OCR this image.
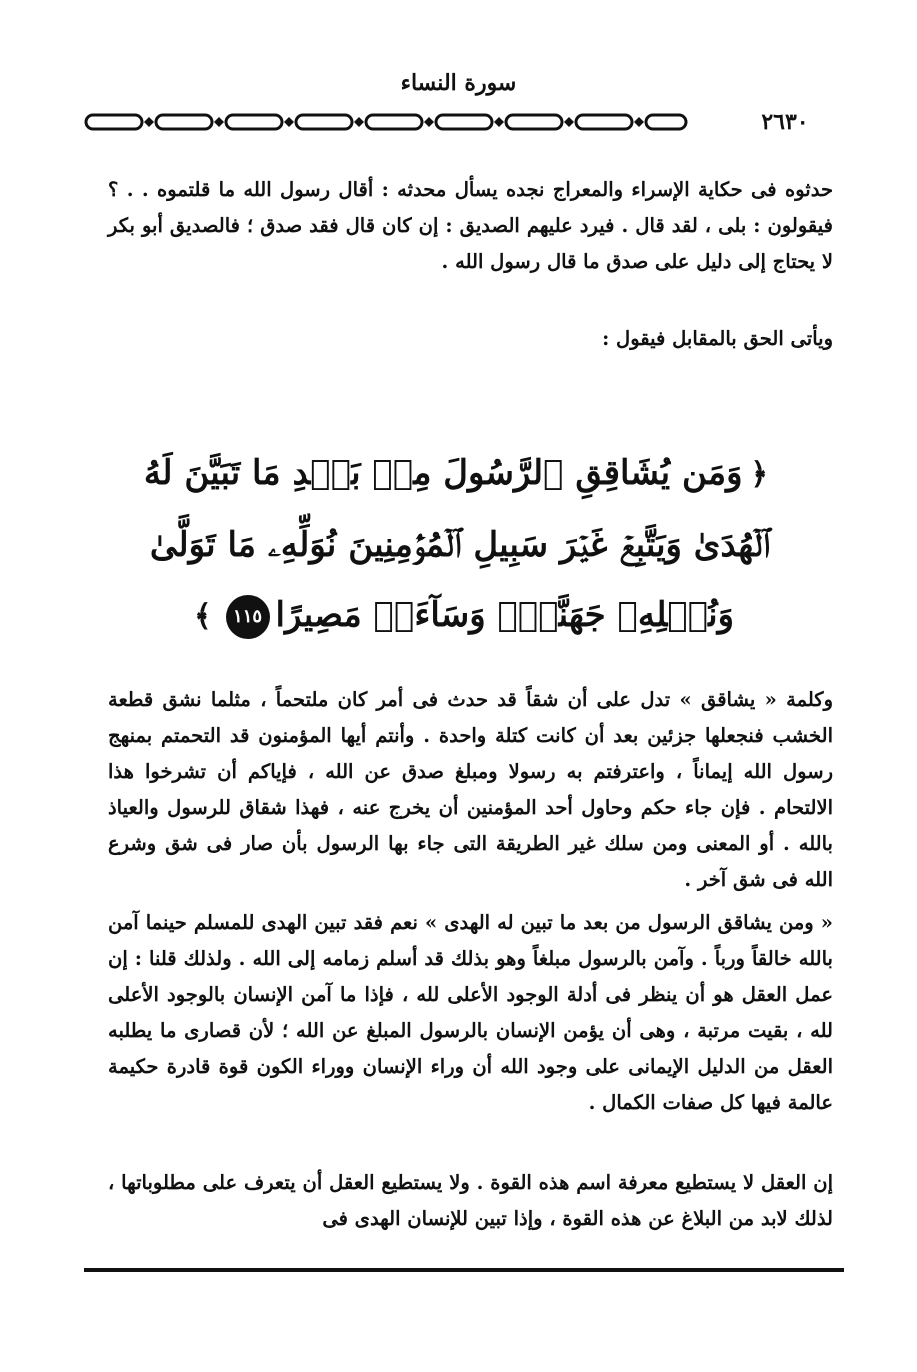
سورة النساء
٢٦٣٠
حدثوه فى حكاية الإسراء والمعراج نجده يسأل محدثه : أقال رسول الله ما قلتموه . . ؟ فيقولون : بلى ، لقد قال . فيرد عليهم الصديق : إن كان قال فقد صدق ؛ فالصديق أبو بكر لا يحتاج إلى دليل على صدق ما قال رسول الله .
ويأتى الحق بالمقابل فيقول :
﴿وَمَن يُشَاقِقِ ٱلرَّسُولَ مِنۢ بَعۡدِ مَا تَبَيَّنَ لَهُ
ٱلۡهُدَىٰ وَيَتَّبِعۡ غَيۡرَ سَبِيلِ ٱلۡمُؤۡمِنِينَ نُوَلِّهِۦ مَا تَوَلَّىٰ
وَنُصۡلِهِۦ جَهَنَّمَۖ وَسَآءَتۡ مَصِيرًا١١٥﴾
وكلمة « يشاقق » تدل على أن شقاً قد حدث فى أمر كان ملتحماً ، مثلما نشق قطعة الخشب فنجعلها جزئين بعد أن كانت كتلة واحدة . وأنتم أيها المؤمنون قد التحمتم بمنهج رسول الله إيماناً ، واعترفتم به رسولا ومبلغ صدق عن الله ، فإياكم أن تشرخوا هذا الالتحام . فإن جاء حكم وحاول أحد المؤمنين أن يخرج عنه ، فهذا شقاق للرسول والعياذ بالله . أو المعنى ومن سلك غير الطريقة التى جاء بها الرسول بأن صار فى شق وشرع الله فى شق آخر .
« ومن يشاقق الرسول من بعد ما تبين له الهدى » نعم فقد تبين الهدى للمسلم حينما آمن بالله خالقاً ورباً . وآمن بالرسول مبلغاً وهو بذلك قد أسلم زمامه إلى الله . ولذلك قلنا : إن عمل العقل هو أن ينظر فى أدلة الوجود الأعلى لله ، فإذا ما آمن الإنسان بالوجود الأعلى لله ، بقيت مرتبة ، وهى أن يؤمن الإنسان بالرسول المبلغ عن الله ؛ لأن قصارى ما يطلبه العقل من الدليل الإيمانى على وجود الله أن وراء الإنسان ووراء الكون قوة قادرة حكيمة عالمة فيها كل صفات الكمال .
إن العقل لا يستطيع معرفة اسم هذه القوة . ولا يستطيع العقل أن يتعرف على مطلوباتها ، لذلك لابد من البلاغ عن هذه القوة ، وإذا تبين للإنسان الهدى فى
